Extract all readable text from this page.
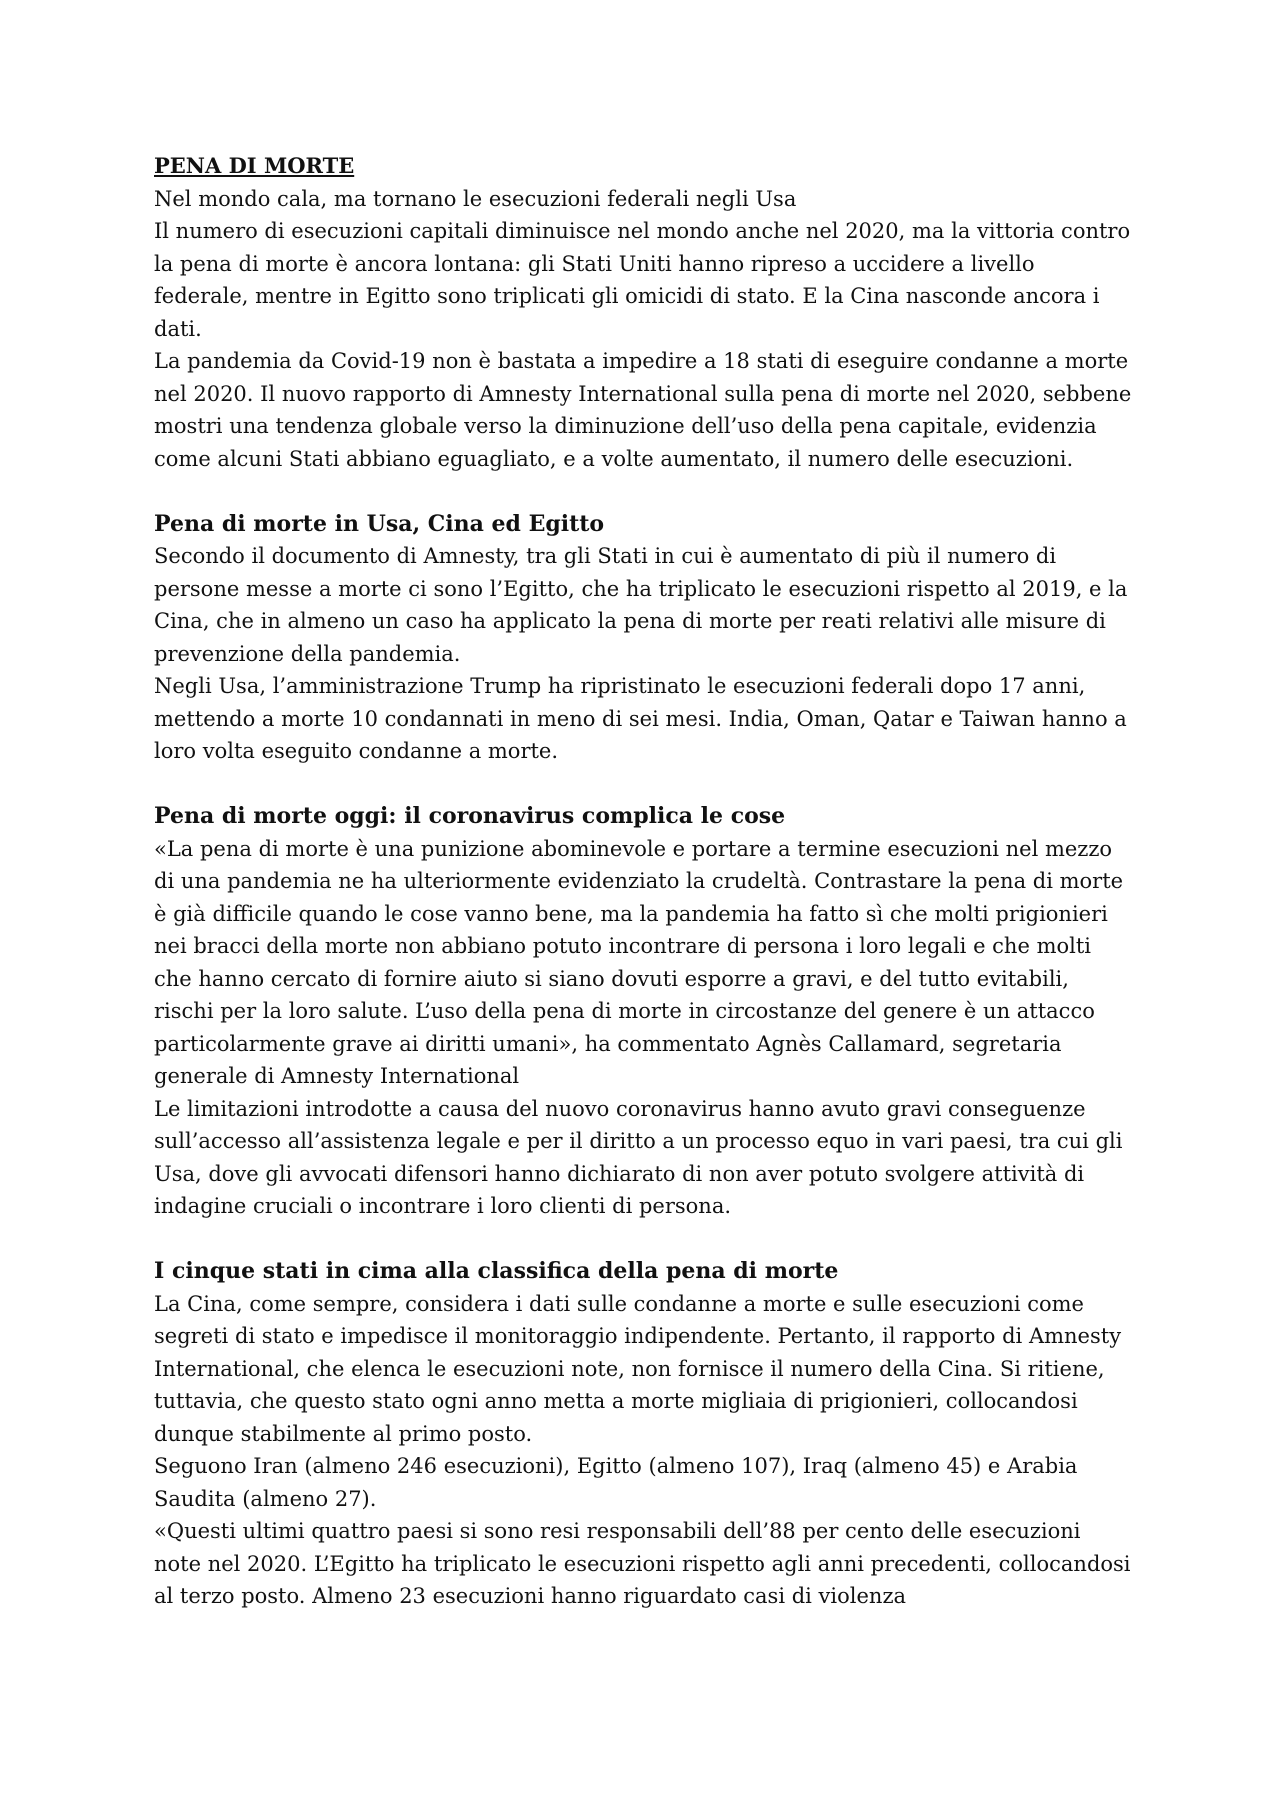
PENA DI MORTE

Nel mondo cala, ma tornano le esecuzioni federali negli Usa

Il numero di esecuzioni capitali diminuisce nel mondo anche nel 2020, ma la vittoria contro la pena di morte è ancora lontana: gli Stati Uniti hanno ripreso a uccidere a livello federale, mentre in Egitto sono triplicati gli omicidi di stato. E la Cina nasconde ancora i dati.

La pandemia da Covid-19 non è bastata a impedire a 18 stati di eseguire condanne a morte nel 2020. Il nuovo rapporto di Amnesty International sulla pena di morte nel 2020, sebbene mostri una tendenza globale verso la diminuzione dell’uso della pena capitale, evidenzia come alcuni Stati abbiano eguagliato, e a volte aumentato, il numero delle esecuzioni.

Pena di morte in Usa, Cina ed Egitto

Secondo il documento di Amnesty, tra gli Stati in cui è aumentato di più il numero di persone messe a morte ci sono l’Egitto, che ha triplicato le esecuzioni rispetto al 2019, e la Cina, che in almeno un caso ha applicato la pena di morte per reati relativi alle misure di prevenzione della pandemia.

Negli Usa, l’amministrazione Trump ha ripristinato le esecuzioni federali dopo 17 anni, mettendo a morte 10 condannati in meno di sei mesi. India, Oman, Qatar e Taiwan hanno a loro volta eseguito condanne a morte.

Pena di morte oggi: il coronavirus complica le cose

«La pena di morte è una punizione abominevole e portare a termine esecuzioni nel mezzo di una pandemia ne ha ulteriormente evidenziato la crudeltà. Contrastare la pena di morte è già difficile quando le cose vanno bene, ma la pandemia ha fatto sì che molti prigionieri nei bracci della morte non abbiano potuto incontrare di persona i loro legali e che molti che hanno cercato di fornire aiuto si siano dovuti esporre a gravi, e del tutto evitabili, rischi per la loro salute. L’uso della pena di morte in circostanze del genere è un attacco particolarmente grave ai diritti umani», ha commentato Agnès Callamard, segretaria generale di Amnesty International

Le limitazioni introdotte a causa del nuovo coronavirus hanno avuto gravi conseguenze sull’accesso all’assistenza legale e per il diritto a un processo equo in vari paesi, tra cui gli Usa, dove gli avvocati difensori hanno dichiarato di non aver potuto svolgere attività di indagine cruciali o incontrare i loro clienti di persona.

I cinque stati in cima alla classifica della pena di morte

La Cina, come sempre, considera i dati sulle condanne a morte e sulle esecuzioni come segreti di stato e impedisce il monitoraggio indipendente. Pertanto, il rapporto di Amnesty International, che elenca le esecuzioni note, non fornisce il numero della Cina. Si ritiene, tuttavia, che questo stato ogni anno metta a morte migliaia di prigionieri, collocandosi dunque stabilmente al primo posto.

Seguono Iran (almeno 246 esecuzioni), Egitto (almeno 107), Iraq (almeno 45) e Arabia Saudita (almeno 27).

«Questi ultimi quattro paesi si sono resi responsabili dell’88 per cento delle esecuzioni note nel 2020. L’Egitto ha triplicato le esecuzioni rispetto agli anni precedenti, collocandosi al terzo posto. Almeno 23 esecuzioni hanno riguardato casi di violenza
